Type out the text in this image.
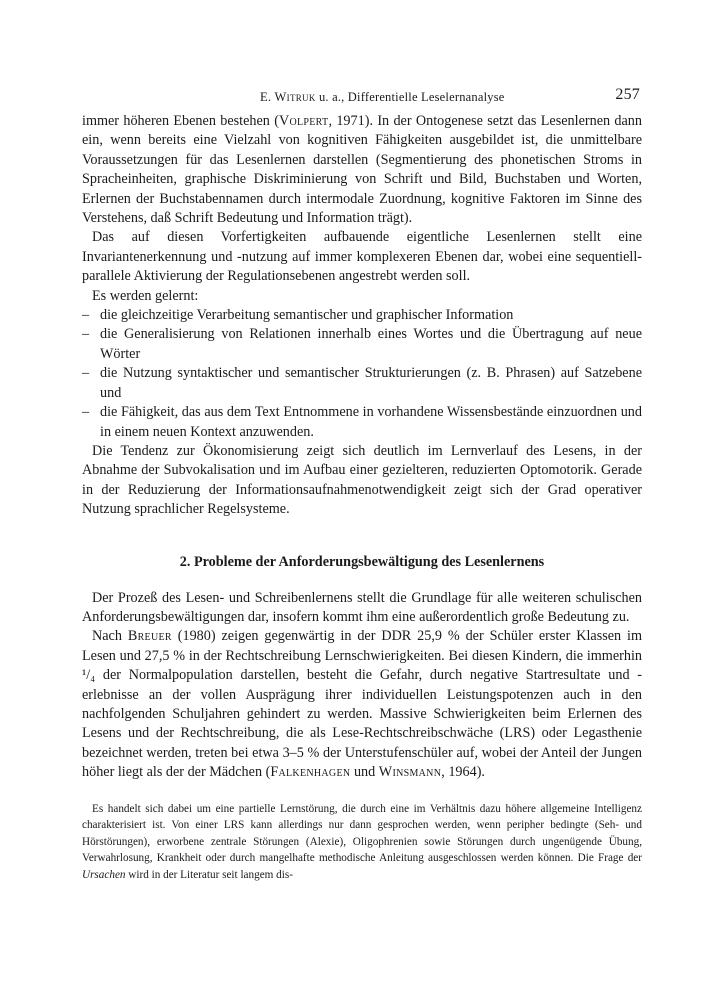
E. Witruk u. a., Differentielle Leselernanalyse	257

immer höheren Ebenen bestehen (Volpert, 1971). In der Ontogenese setzt das Lesenlernen dann ein, wenn bereits eine Vielzahl von kognitiven Fähigkeiten ausgebildet ist, die unmittelbare Voraussetzungen für das Lesenlernen darstellen (Segmentierung des phonetischen Stroms in Spracheinheiten, graphische Diskriminierung von Schrift und Bild, Buchstaben und Worten, Erlernen der Buchstabennamen durch intermodale Zuordnung, kognitive Faktoren im Sinne des Verstehens, daß Schrift Bedeutung und Information trägt).

Das auf diesen Vorfertigkeiten aufbauende eigentliche Lesenlernen stellt eine Invariantenerkennung und -nutzung auf immer komplexeren Ebenen dar, wobei eine sequentiell-parallele Aktivierung der Regulationsebenen angestrebt werden soll.

Es werden gelernt:

– die gleichzeitige Verarbeitung semantischer und graphischer Information

– die Generalisierung von Relationen innerhalb eines Wortes und die Übertragung auf neue Wörter

– die Nutzung syntaktischer und semantischer Strukturierungen (z. B. Phrasen) auf Satzebene und

– die Fähigkeit, das aus dem Text Entnommene in vorhandene Wissensbestände einzuordnen und in einem neuen Kontext anzuwenden.

Die Tendenz zur Ökonomisierung zeigt sich deutlich im Lernverlauf des Lesens, in der Abnahme der Subvokalisation und im Aufbau einer gezielteren, reduzierten Optomotorik. Gerade in der Reduzierung der Informationsaufnahmenotwendigkeit zeigt sich der Grad operativer Nutzung sprachlicher Regelsysteme.

2. Probleme der Anforderungsbewältigung des Lesenlernens

Der Prozeß des Lesen- und Schreibenlernens stellt die Grundlage für alle weiteren schulischen Anforderungsbewältigungen dar, insofern kommt ihm eine außerordentlich große Bedeutung zu.

Nach Breuer (1980) zeigen gegenwärtig in der DDR 25,9 % der Schüler erster Klassen im Lesen und 27,5 % in der Rechtschreibung Lernschwierigkeiten. Bei diesen Kindern, die immerhin ¹/₄ der Normalpopulation darstellen, besteht die Gefahr, durch negative Startresultate und -erlebnisse an der vollen Ausprägung ihrer individuellen Leistungspotenzen auch in den nachfolgenden Schuljahren gehindert zu werden. Massive Schwierigkeiten beim Erlernen des Lesens und der Rechtschreibung, die als Lese-Rechtschreibschwäche (LRS) oder Legasthenie bezeichnet werden, treten bei etwa 3–5 % der Unterstufenschüler auf, wobei der Anteil der Jungen höher liegt als der der Mädchen (Falkenhagen und Winsmann, 1964).

Es handelt sich dabei um eine partielle Lernstörung, die durch eine im Verhältnis dazu höhere allgemeine Intelligenz charakterisiert ist. Von einer LRS kann allerdings nur dann gesprochen werden, wenn peripher bedingte (Seh- und Hörstörungen), erworbene zentrale Störungen (Alexie), Oligophrenien sowie Störungen durch ungenügende Übung, Verwahrlosung, Krankheit oder durch mangelhafte methodische Anleitung ausgeschlossen werden können. Die Frage der Ursachen wird in der Literatur seit langem dis-
